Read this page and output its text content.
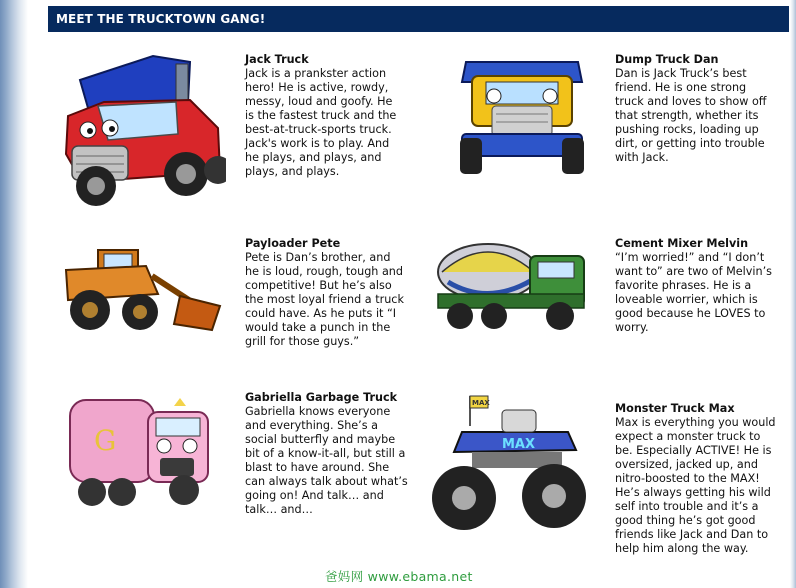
MEET THE TRUCKTOWN GANG!
Jack Truck
Jack is a prankster action
hero! He is active, rowdy,
messy, loud and goofy. He
is the fastest truck and the
best-at-truck-sports truck.
Jack's work is to play. And
he plays, and plays, and
plays, and plays.
Dump Truck Dan
Dan is Jack Truck’s best
friend. He is one strong
truck and loves to show off
that strength, whether its
pushing rocks, loading up
dirt, or getting into trouble
with Jack.
Payloader Pete
Pete is Dan’s brother, and
he is loud, rough, tough and
competitive! But he’s also
the most loyal friend a truck
could have. As he puts it “I
would take a punch in the
grill for those guys.”
Cement Mixer Melvin
“I’m worried!” and “I don’t
want to” are two of Melvin’s
favorite phrases. He is a
loveable worrier, which is
good because he LOVES to
worry.
G
Gabriella Garbage Truck
Gabriella knows everyone
and everything. She’s a
social butterfly and maybe
bit of a know-it-all, but still a
blast to have around. She
can always talk about what’s
going on! And talk… and
talk… and…
MAX
MAX
Monster Truck Max
Max is everything you would
expect a monster truck to
be. Especially ACTIVE! He is
oversized, jacked up, and
nitro-boosted to the MAX!
He’s always getting his wild
self into trouble and it’s a
good thing he’s got good
friends like Jack and Dan to
help him along the way.
爸妈网 www.ebama.net
